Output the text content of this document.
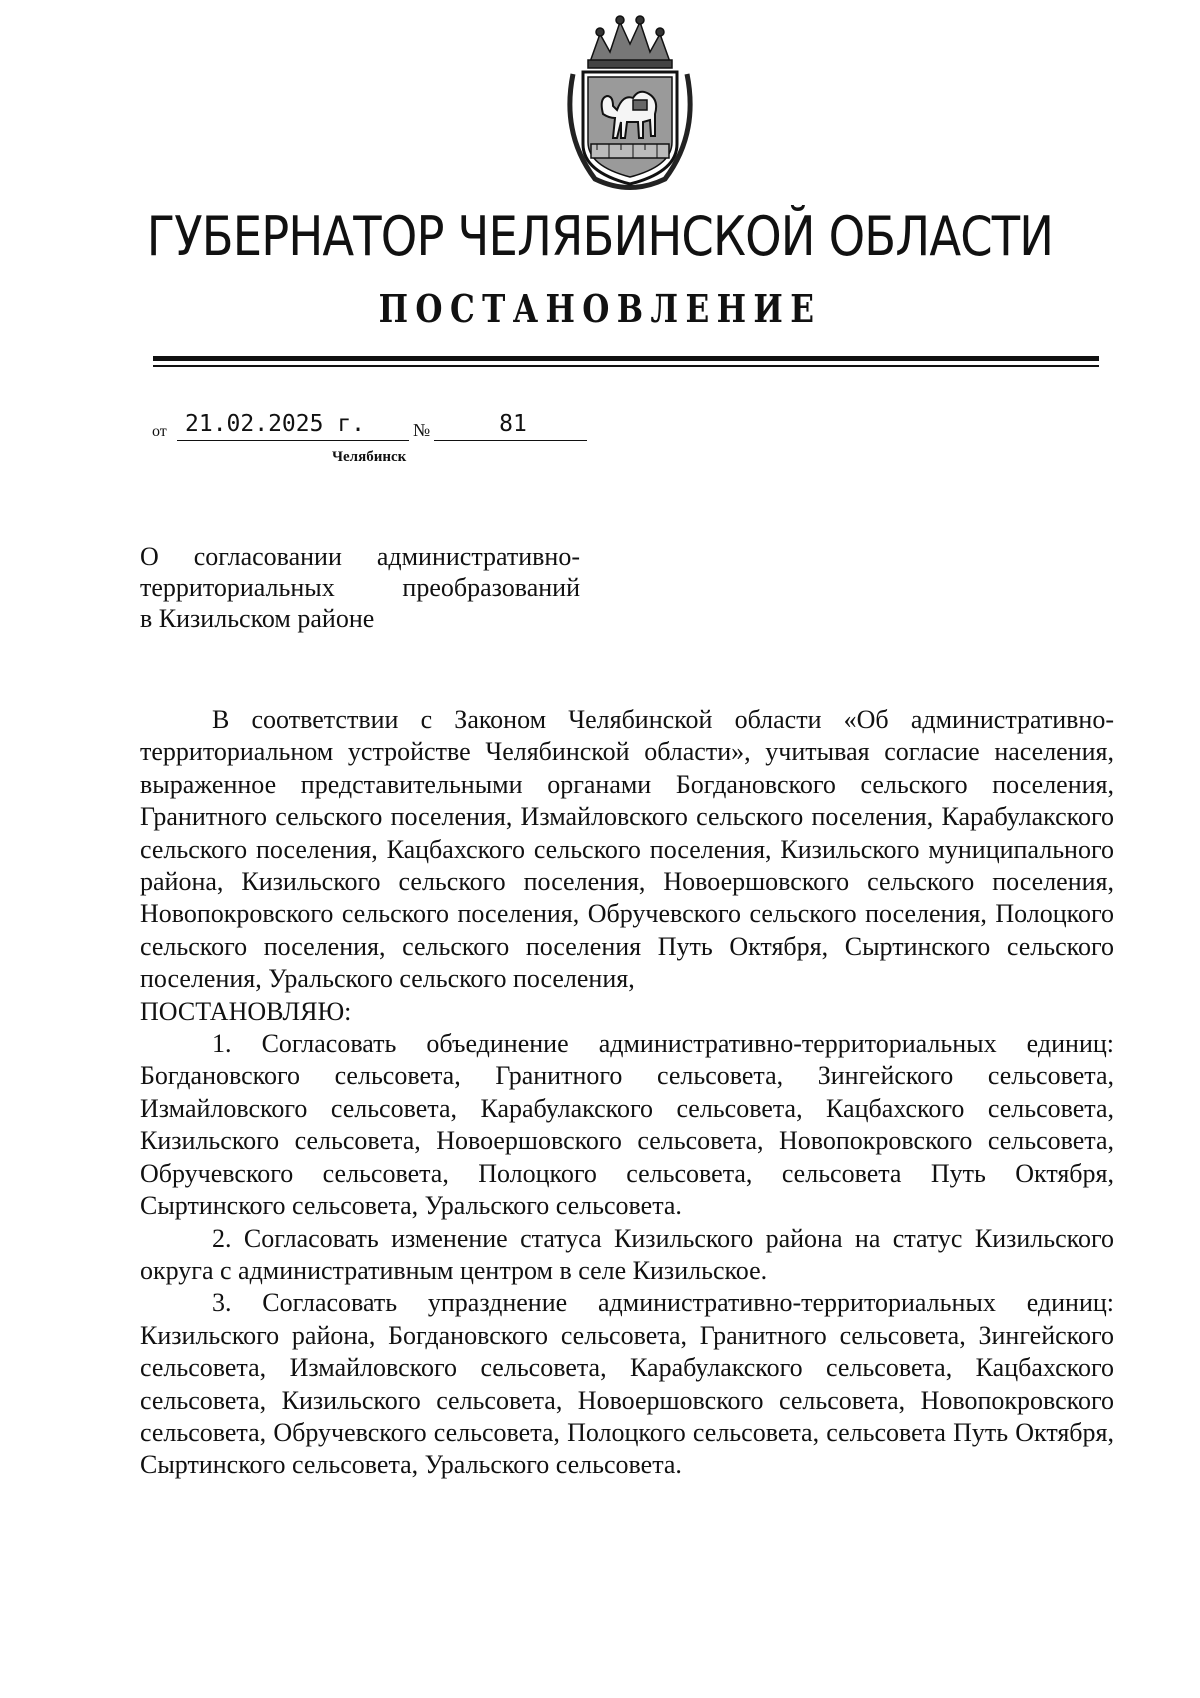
ГУБЕРНАТОР ЧЕЛЯБИНСКОЙ ОБЛАСТИ
ПОСТАНОВЛЕНИЕ
от 21.02.2025 г.	81
№
Челябинск
О согласовании административно-
территориальных преобразований
в Кизильском районе

В соответствии с Законом Челябинской области «Об административно-территориальном устройстве Челябинской области», учитывая согласие населения, выраженное представительными органами Богдановского сельского поселения, Гранитного сельского поселения, Измайловского сельского поселения, Карабулакского сельского поселения, Кацбахского сельского поселения, Кизильского муниципального района, Кизильского сельского поселения, Новоершовского сельского поселения, Новопокровского сельского поселения, Обручевского сельского поселения, Полоцкого сельского поселения, сельского поселения Путь Октября, Сыртинского сельского поселения, Уральского сельского поселения,

ПОСТАНОВЛЯЮ:

1. Согласовать объединение административно-территориальных единиц: Богдановского сельсовета, Гранитного сельсовета, Зингейского сельсовета, Измайловского сельсовета, Карабулакского сельсовета, Кацбахского сельсовета, Кизильского сельсовета, Новоершовского сельсовета, Новопокровского сельсовета, Обручевского сельсовета, Полоцкого сельсовета, сельсовета Путь Октября, Сыртинского сельсовета, Уральского сельсовета.

2. Согласовать изменение статуса Кизильского района на статус Кизильского округа с административным центром в селе Кизильское.

3. Согласовать упразднение административно-территориальных единиц: Кизильского района, Богдановского сельсовета, Гранитного сельсовета, Зингейского сельсовета, Измайловского сельсовета, Карабулакского сельсовета, Кацбахского сельсовета, Кизильского сельсовета, Новоершовского сельсовета, Новопокровского сельсовета, Обручевского сельсовета, Полоцкого сельсовета, сельсовета Путь Октября, Сыртинского сельсовета, Уральского сельсовета.
